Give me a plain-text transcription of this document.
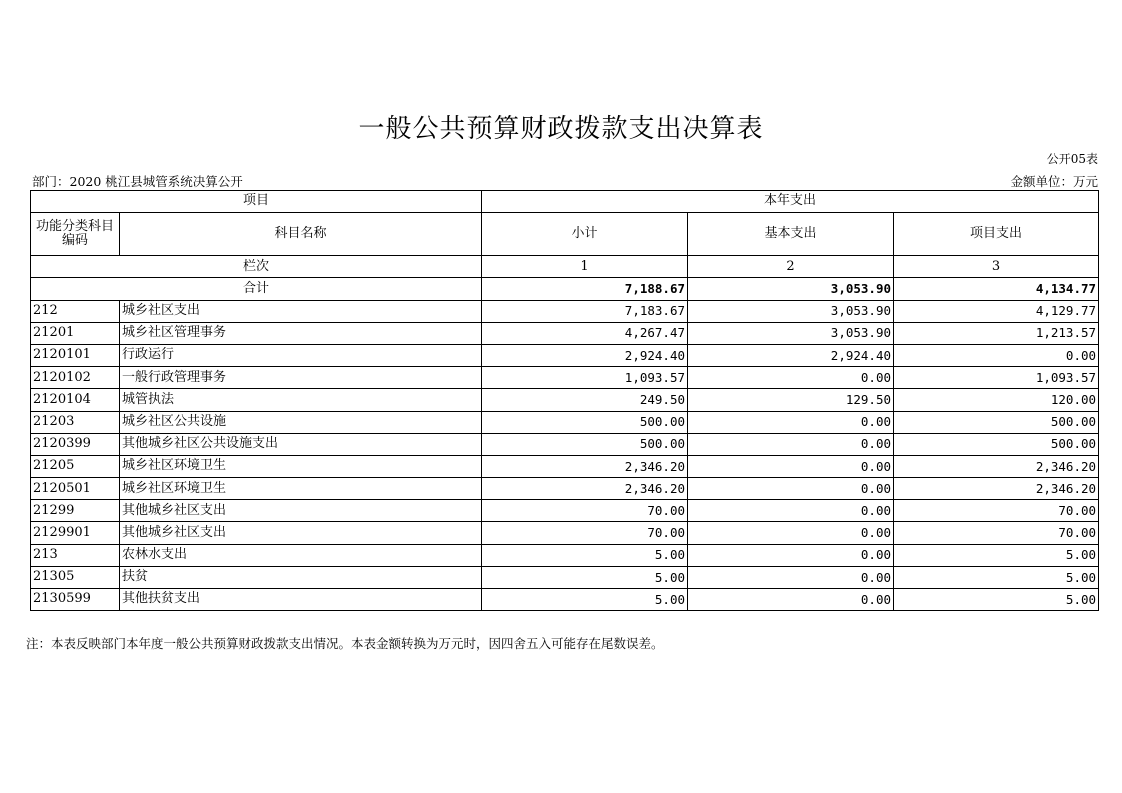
一般公共预算财政拨款支出决算表
公开05表
部门：2020 桃江县城管系统决算公开	金额单位：万元
项目		本年支出		
功能分类科目编码	科目名称	小计	基本支出	项目支出
栏次		1	2	3
合计		7,188.67	3,053.90	4,134.77
212	城乡社区支出	7,183.67	3,053.90	4,129.77
21201	城乡社区管理事务	4,267.47	3,053.90	1,213.57
2120101	行政运行	2,924.40	2,924.40	0.00
2120102	一般行政管理事务	1,093.57	0.00	1,093.57
2120104	城管执法	249.50	129.50	120.00
21203	城乡社区公共设施	500.00	0.00	500.00
2120399	其他城乡社区公共设施支出	500.00	0.00	500.00
21205	城乡社区环境卫生	2,346.20	0.00	2,346.20
2120501	城乡社区环境卫生	2,346.20	0.00	2,346.20
21299	其他城乡社区支出	70.00	0.00	70.00
2129901	其他城乡社区支出	70.00	0.00	70.00
213	农林水支出	5.00	0.00	5.00
21305	扶贫	5.00	0.00	5.00
2130599	其他扶贫支出	5.00	0.00	5.00
注：本表反映部门本年度一般公共预算财政拨款支出情况。本表金额转换为万元时，因四舍五入可能存在尾数误差。
